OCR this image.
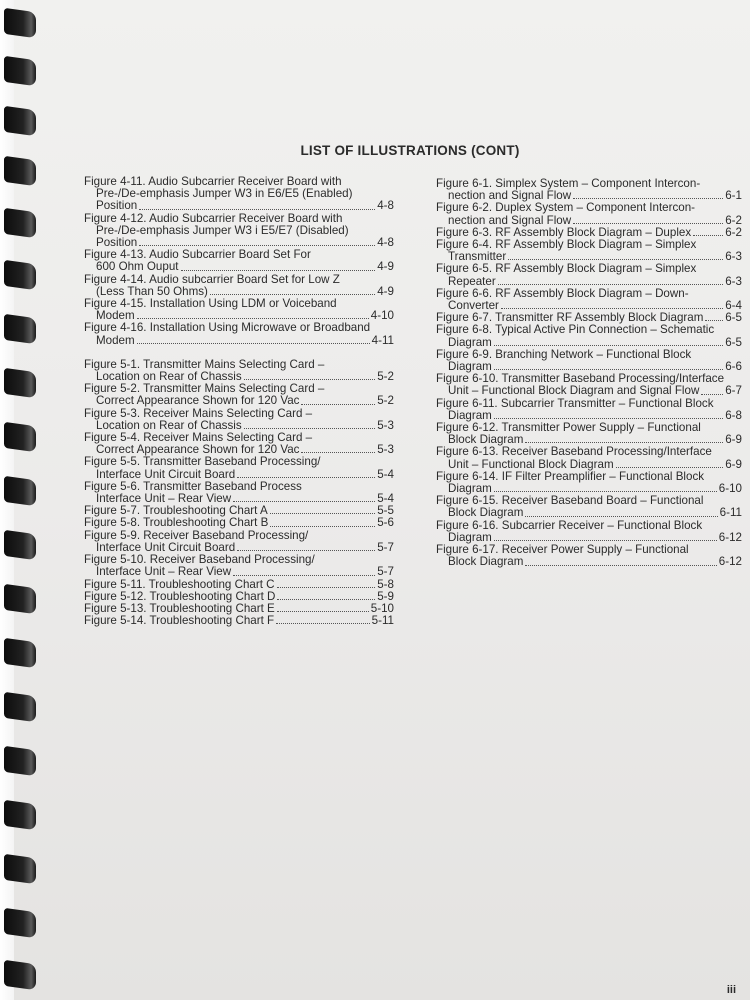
LIST OF ILLUSTRATIONS (CONT)
Figure 4-11. Audio Subcarrier Receiver Board with
Pre-/De-emphasis Jumper W3 in E6/E5 (Enabled)
Position	4-8
Figure 4-12. Audio Subcarrier Receiver Board with
Pre-/De-emphasis Jumper W3 i E5/E7 (Disabled)
Position	4-8
Figure 4-13. Audio Subcarrier Board Set For
600 Ohm Ouput	4-9
Figure 4-14. Audio subcarrier Board Set for Low Z
(Less Than 50 Ohms)	4-9
Figure 4-15. Installation Using LDM or Voiceband
Modem	4-10
Figure 4-16. Installation Using Microwave or Broadband
Modem	4-11
Figure 5-1. Transmitter Mains Selecting Card –
Location on Rear of Chassis	5-2
Figure 5-2. Transmitter Mains Selecting Card –
Correct Appearance Shown for 120 Vac	5-2
Figure 5-3. Receiver Mains Selecting Card –
Location on Rear of Chassis	5-3
Figure 5-4. Receiver Mains Selecting Card –
Correct Appearance Shown for 120 Vac	5-3
Figure 5-5. Transmitter Baseband Processing/
Interface Unit Circuit Board	5-4
Figure 5-6. Transmitter Baseband Process
Interface Unit – Rear View	5-4
Figure 5-7. Troubleshooting Chart A	5-5
Figure 5-8. Troubleshooting Chart B	5-6
Figure 5-9. Receiver Baseband Processing/
Interface Unit Circuit Board	5-7
Figure 5-10. Receiver Baseband Processing/
Interface Unit – Rear View	5-7
Figure 5-11. Troubleshooting Chart C	5-8
Figure 5-12. Troubleshooting Chart D	5-9
Figure 5-13. Troubleshooting Chart E	5-10
Figure 5-14. Troubleshooting Chart F	5-11
Figure 6-1. Simplex System – Component Intercon-
nection and Signal Flow	6-1
Figure 6-2. Duplex System – Component Intercon-
nection and Signal Flow	6-2
Figure 6-3. RF Assembly Block Diagram – Duplex	6-2
Figure 6-4. RF Assembly Block Diagram – Simplex
Transmitter	6-3
Figure 6-5. RF Assembly Block Diagram – Simplex
Repeater	6-3
Figure 6-6. RF Assembly Block Diagram – Down-
Converter	6-4
Figure 6-7. Transmitter RF Assembly Block Diagram 6-5
Figure 6-8. Typical Active Pin Connection – Schematic
Diagram	6-5
Figure 6-9. Branching Network – Functional Block
Diagram	6-6
Figure 6-10. Transmitter Baseband Processing/Interface
Unit – Functional Block Diagram and Signal Flow 6-7
Figure 6-11. Subcarrier Transmitter – Functional Block
Diagram	6-8
Figure 6-12. Transmitter Power Supply – Functional
Block Diagram	6-9
Figure 6-13. Receiver Baseband Processing/Interface
Unit – Functional Block Diagram	6-9
Figure 6-14. IF Filter Preamplifier – Functional Block
Diagram	6-10
Figure 6-15. Receiver Baseband Board – Functional
Block Diagram	6-11
Figure 6-16. Subcarrier Receiver – Functional Block
Diagram	6-12
Figure 6-17. Receiver Power Supply – Functional
Block Diagram	6-12
iii
